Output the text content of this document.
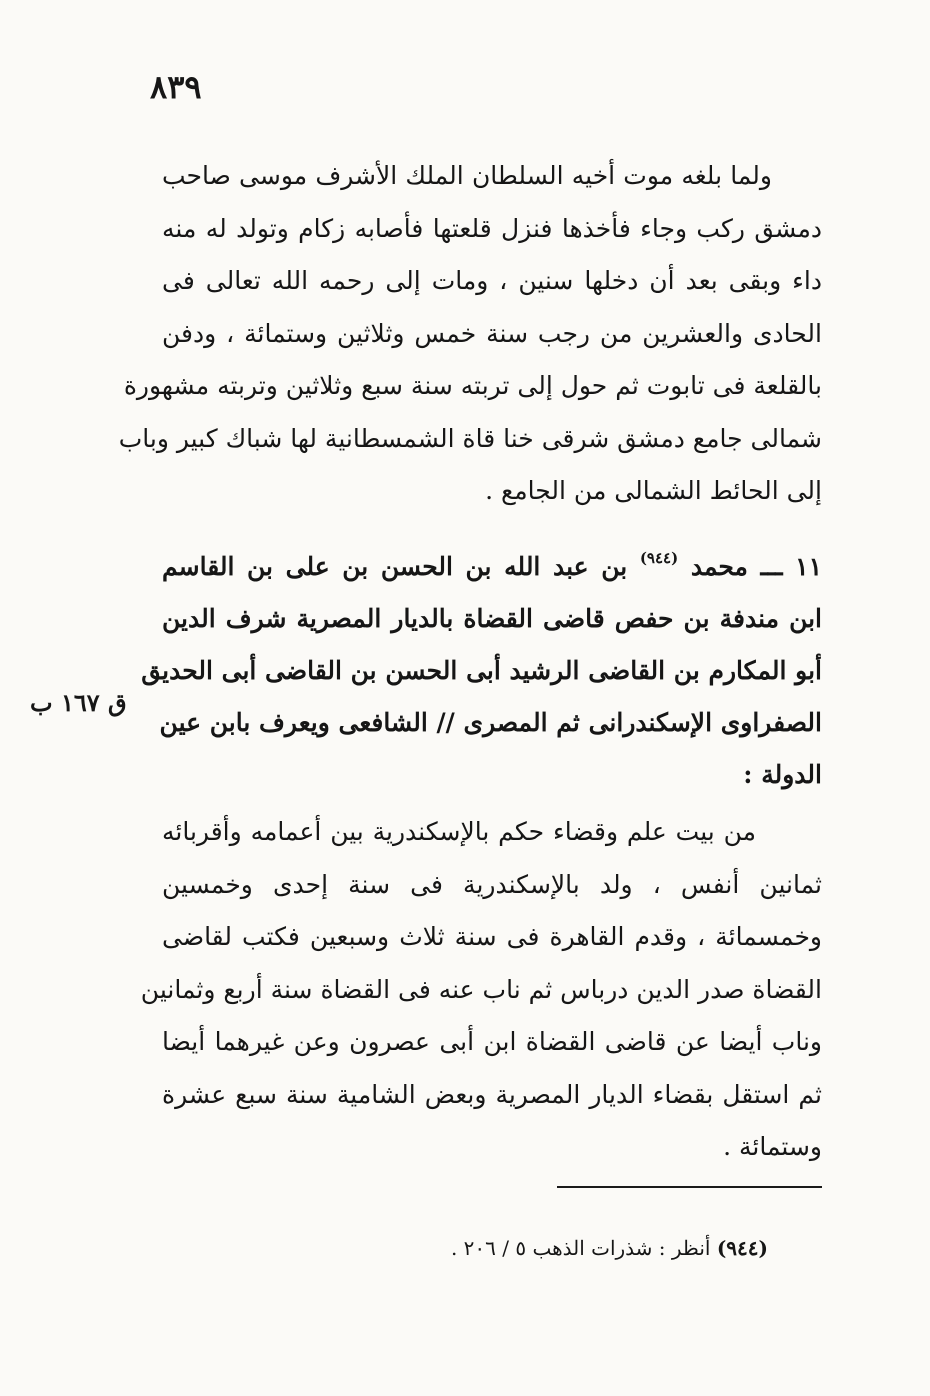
٨٣٩
ولما بلغه موت أخيه السلطان الملك الأشرف موسى صاحب
دمشق ركب وجاء فأخذها فنزل قلعتها فأصابه زكام وتولد له منه
داء وبقى بعد أن دخلها سنين ، ومات إلى رحمه الله تعالى فى
الحادى والعشرين من رجب سنة خمس وثلاثين وستمائة ، ودفن
بالقلعة فى تابوت ثم حول إلى تربته سنة سبع وثلاثين وتربته مشهورة
شمالى جامع دمشق شرقى خنا قاة الشمسطانية لها شباك كبير وباب
إلى الحائط الشمالى من الجامع .
١١ ـــ محمد $^{(٩٤٤)}$ بن عبد الله بن الحسن بن على بن القاسم
ابن مندفة بن حفص قاضى القضاة بالديار المصرية شرف الدين
أبو المكارم بن القاضى الرشيد أبى الحسن بن القاضى أبى الحديق
الصفراوى الإسكندرانى ثم المصرى // الشافعى ويعرف بابن عين
الدولة :
ق ١٦٧ ب
من بيت علم وقضاء حكم بالإسكندرية بين أعمامه وأقربائه
ثمانين أنفس ، ولد بالإسكندرية فى سنة إحدى وخمسين
وخمسمائة ، وقدم القاهرة فى سنة ثلاث وسبعين فكتب لقاضى
القضاة صدر الدين درباس ثم ناب عنه فى القضاة سنة أربع وثمانين
وناب أيضا عن قاضى القضاة ابن أبى عصرون وعن غيرهما أيضا
ثم استقل بقضاء الديار المصرية وبعض الشامية سنة سبع عشرة
وستمائة .
(٩٤٤) أنظر : شذرات الذهب ٥ / ٢٠٦ .
